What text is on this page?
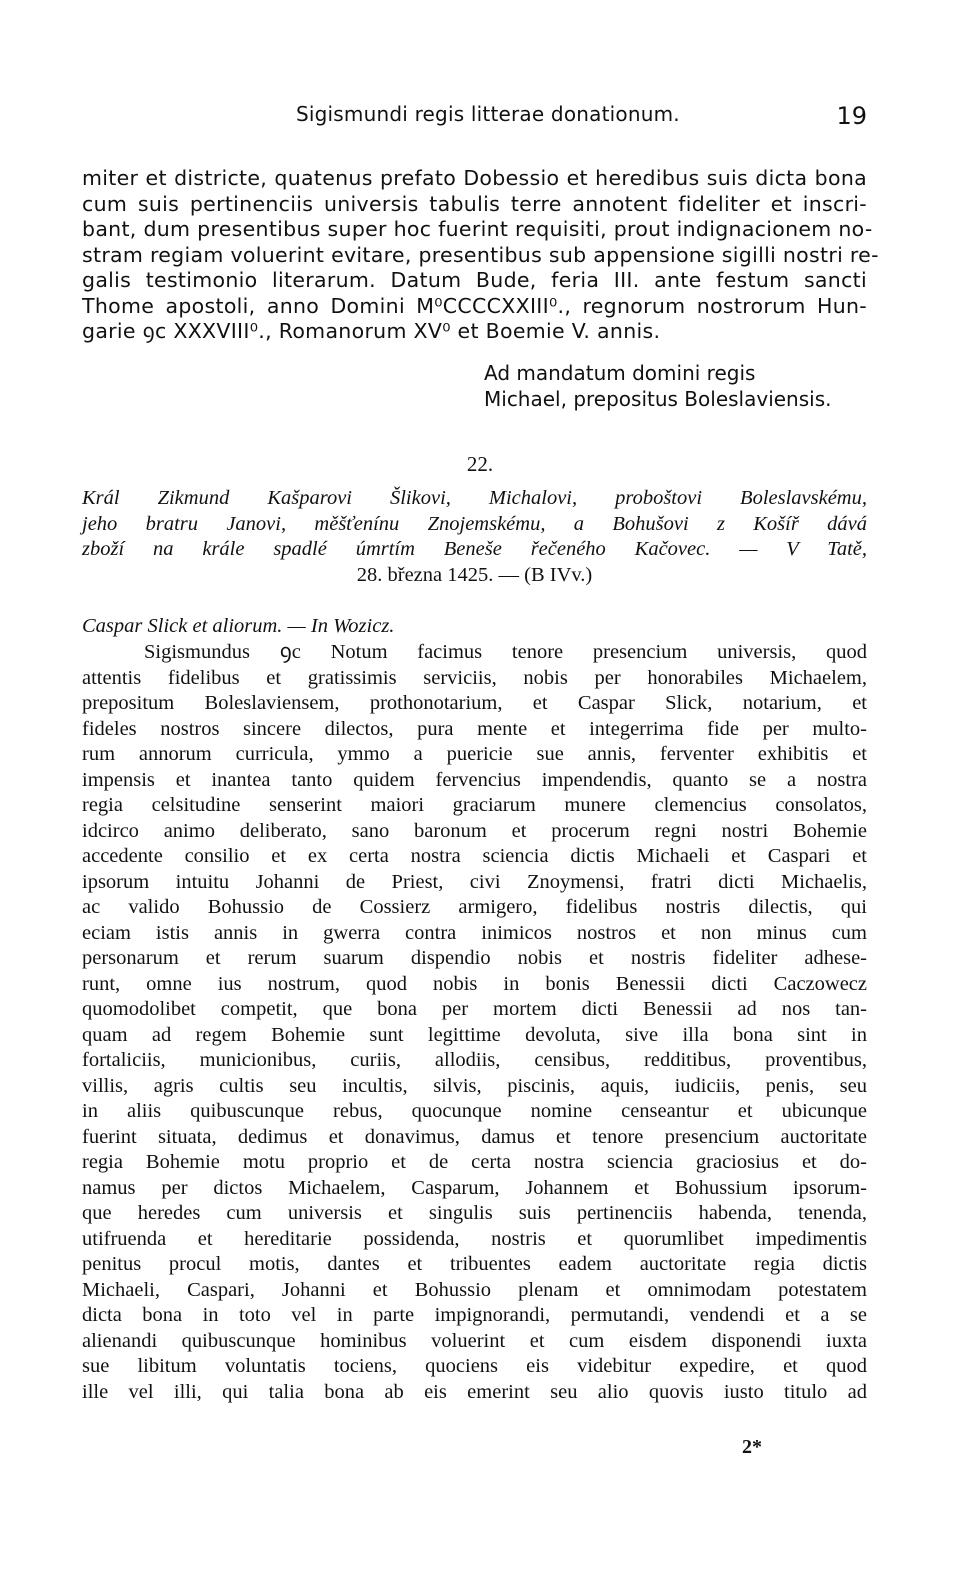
Sigismundi regis litterae donationum.	19
miter et districte, quatenus prefato Dobessio et heredibus suis dicta bona
cum suis pertinenciis universis tabulis terre annotent fideliter et inscri-
bant, dum presentibus super hoc fuerint requisiti, prout indignacionem no-
stram regiam voluerint evitare, presentibus sub appensione sigilli nostri re-
galis testimonio literarum. Datum Bude, feria III. ante festum sancti
Thome apostoli, anno Domini M⁰CCCCXXIII⁰., regnorum nostrorum Hun-
garie ꝯc XXXVIII⁰., Romanorum XV⁰ et Boemie V. annis.
Ad mandatum domini regis
Michael, prepositus Boleslaviensis.
22.
Král Zikmund Kašparovi Šlikovi, Michalovi, proboštovi Boleslavskému,
jeho bratru Janovi, měšťenínu Znojemskému, a Bohušovi z Košíř dává
zboží na krále spadlé úmrtím Beneše řečeného Kačovec. — V Tatě,
28. března 1425. — (B IVv.)
Caspar Slick et aliorum. — In Wozicz.
Sigismundus ꝯc Notum facimus tenore presencium universis, quod
attentis fidelibus et gratissimis serviciis, nobis per honorabiles Michaelem,
prepositum Boleslaviensem, prothonotarium, et Caspar Slick, notarium, et
fideles nostros sincere dilectos, pura mente et integerrima fide per multo-
rum annorum curricula, ymmo a puericie sue annis, ferventer exhibitis et
impensis et inantea tanto quidem fervencius impendendis, quanto se a nostra
regia celsitudine senserint maiori graciarum munere clemencius consolatos,
idcirco animo deliberato, sano baronum et procerum regni nostri Bohemie
accedente consilio et ex certa nostra sciencia dictis Michaeli et Caspari et
ipsorum intuitu Johanni de Priest, civi Znoymensi, fratri dicti Michaelis,
ac valido Bohussio de Cossierz armigero, fidelibus nostris dilectis, qui
eciam istis annis in gwerra contra inimicos nostros et non minus cum
personarum et rerum suarum dispendio nobis et nostris fideliter adhese-
runt, omne ius nostrum, quod nobis in bonis Benessii dicti Caczowecz
quomodolibet competit, que bona per mortem dicti Benessii ad nos tan-
quam ad regem Bohemie sunt legittime devoluta, sive illa bona sint in
fortaliciis, municionibus, curiis, allodiis, censibus, redditibus, proventibus,
villis, agris cultis seu incultis, silvis, piscinis, aquis, iudiciis, penis, seu
in aliis quibuscunque rebus, quocunque nomine censeantur et ubicunque
fuerint situata, dedimus et donavimus, damus et tenore presencium auctoritate
regia Bohemie motu proprio et de certa nostra sciencia graciosius et do-
namus per dictos Michaelem, Casparum, Johannem et Bohussium ipsorum-
que heredes cum universis et singulis suis pertinenciis habenda, tenenda,
utifruenda et hereditarie possidenda, nostris et quorumlibet impedimentis
penitus procul motis, dantes et tribuentes eadem auctoritate regia dictis
Michaeli, Caspari, Johanni et Bohussio plenam et omnimodam potestatem
dicta bona in toto vel in parte impignorandi, permutandi, vendendi et a se
alienandi quibuscunque hominibus voluerint et cum eisdem disponendi iuxta
sue libitum voluntatis tociens, quociens eis videbitur expedire, et quod
ille vel illi, qui talia bona ab eis emerint seu alio quovis iusto titulo ad
2*
